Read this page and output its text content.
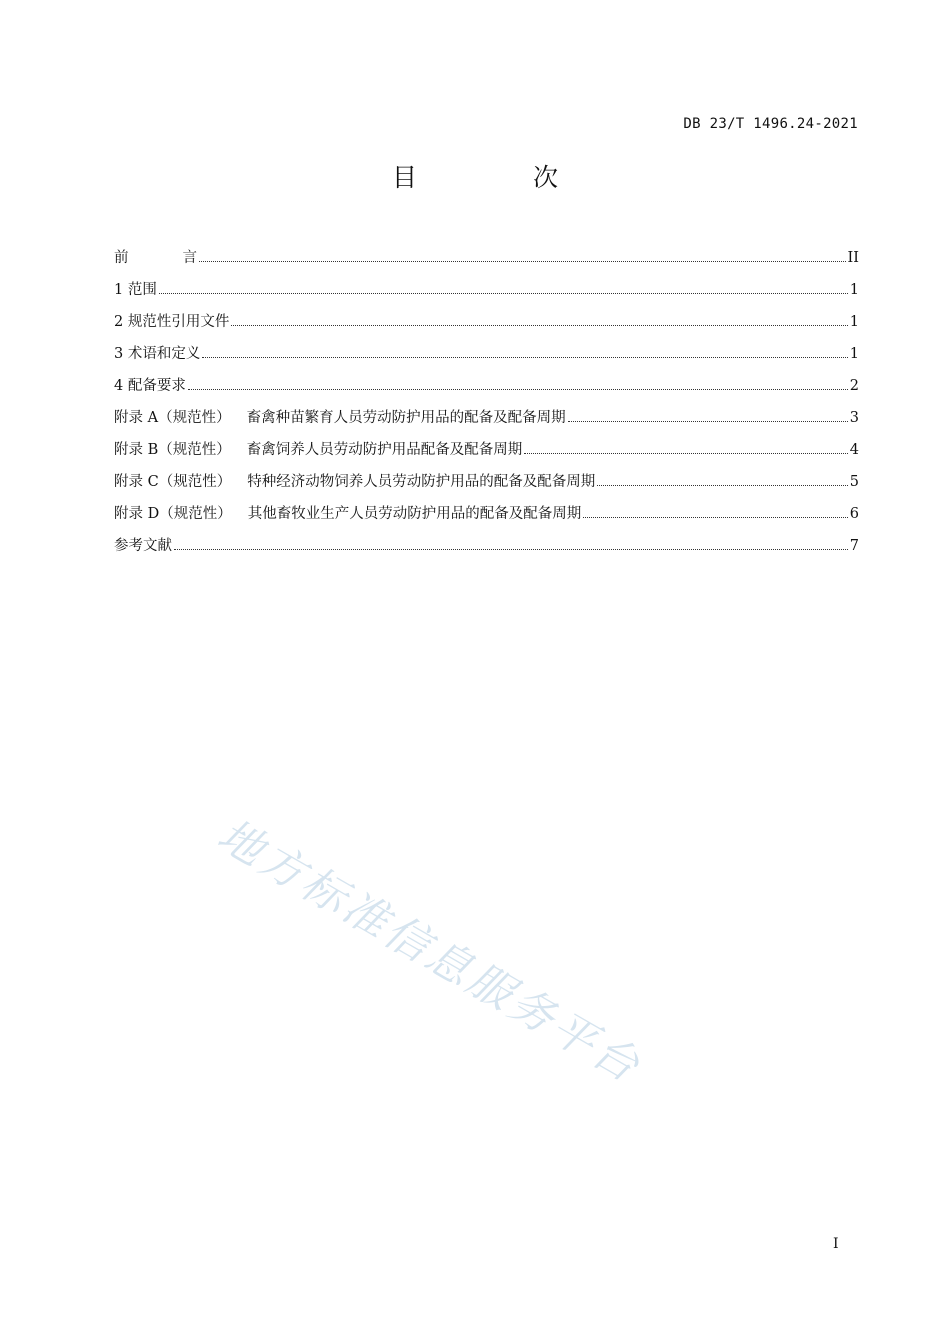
DB 23/T 1496.24-2021
目 次
前	言	II
1 范围	1
2 规范性引用文件	1
3 术语和定义	1
4 配备要求	2
附录 A（规范性） 畜禽种苗繁育人员劳动防护用品的配备及配备周期	3
附录 B（规范性） 畜禽饲养人员劳动防护用品配备及配备周期	4
附录 C（规范性） 特种经济动物饲养人员劳动防护用品的配备及配备周期	5
附录 D（规范性） 其他畜牧业生产人员劳动防护用品的配备及配备周期	6
参考文献	7
地方标准信息服务平台
I
